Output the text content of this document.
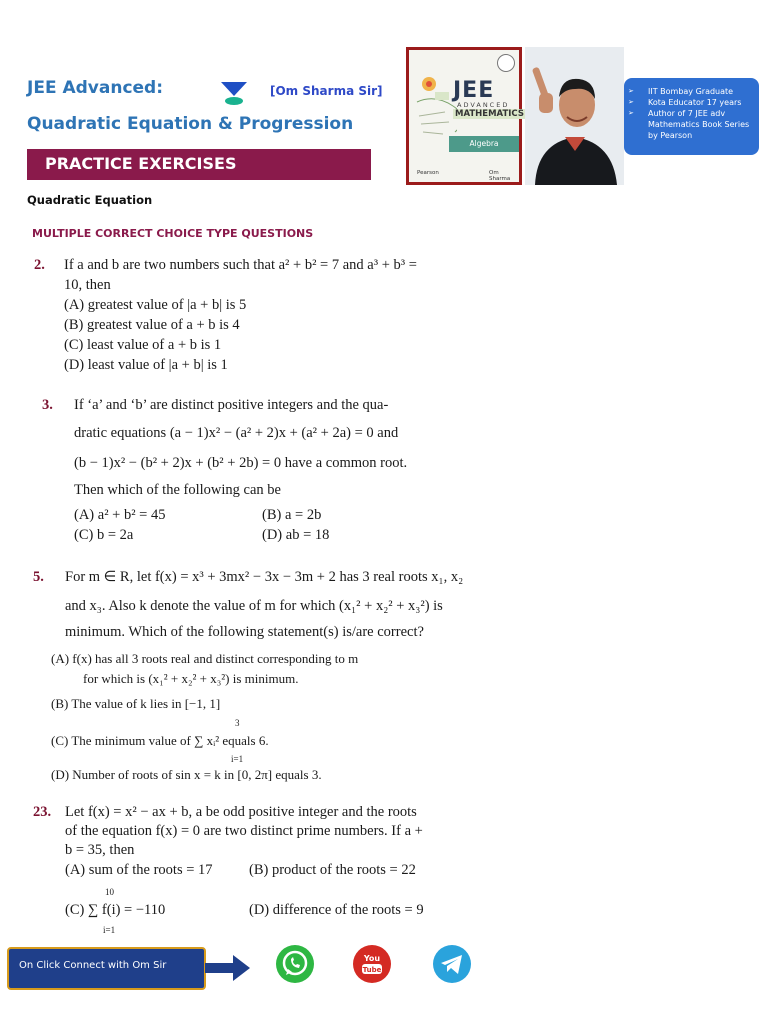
JEE Advanced:	[Om Sharma Sir]
Quadratic Equation & Progression
PRACTICE EXERCISES
Quadratic Equation
MULTIPLE CORRECT CHOICE TYPE QUESTIONS
JEE
ADVANCED
MATHEMATICS
Algebra
Pearson	Om Sharma
➢ IIT Bombay Graduate
➢ Kota Educator 17 years
➢ Author of 7 JEE adv Mathematics Book Series by Pearson
2. If a and b are two numbers such that a² + b² = 7 and a³ + b³ =
10, then
(A) greatest value of |a + b| is 5
(B) greatest value of a + b is 4
(C) least value of a + b is 1
(D) least value of |a + b| is 1
3. If ‘a’ and ‘b’ are distinct positive integers and the qua-
dratic equations (a − 1)x² − (a² + 2)x + (a² + 2a) = 0 and
(b − 1)x² − (b² + 2)x + (b² + 2b) = 0 have a common root.
Then which of the following can be
(A) a² + b² = 45	(B) a = 2b
(C) b = 2a	(D) ab = 18
5. For m ∈ R, let f(x) = x³ + 3mx² − 3x − 3m + 2 has 3 real roots x₁, x₂
and x₃. Also k denote the value of m for which (x₁² + x₂² + x₃²) is
minimum. Which of the following statement(s) is/are correct?
(A) f(x) has all 3 roots real and distinct corresponding to m
for which is (x₁² + x₂² + x₃²) is minimum.
(B) The value of k lies in [−1, 1]
3
(C) The minimum value of ∑ xᵢ² equals 6.
i=1
(D) Number of roots of sin x = k in [0, 2π] equals 3.
23. Let f(x) = x² − ax + b, a be odd positive integer and the roots
of the equation f(x) = 0 are two distinct prime numbers. If a +
b = 35, then
(A) sum of the roots = 17	(B) product of the roots = 22
10
(C) ∑ f(i) = −110
i=1
(D) difference of the roots = 9
On Click Connect with Om Sir
You
Tube
